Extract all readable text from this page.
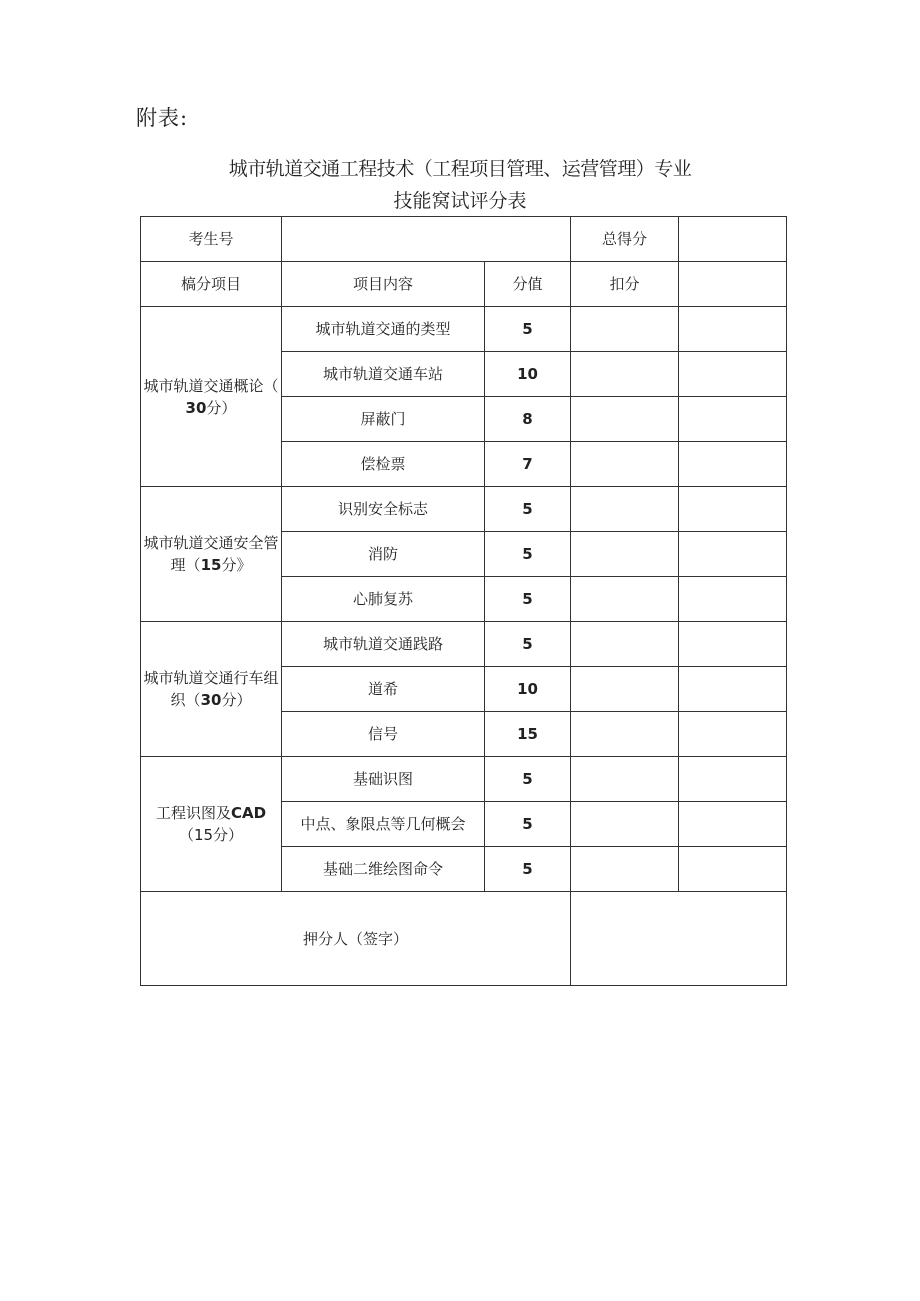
附表:
城市轨道交通工程技术（工程项目管理、运营管理）专业
技能窝试评分表
考生号			总得分	
槁分项目	项目内容	分值	扣分	
城市轨道交通概论（
30分）	城市轨道交通的类型	5		
	城市轨道交通车站	10		
	屏蔽门	8		
	偿检票	7		
城市轨道交通安全管理（15分》	识别安全标志	5		
	消防	5		
	心肺复苏	5		
城市轨道交通行车组织（30分）	城市轨道交通践路	5		
	道希	10		
	信号	15		
工程识图及CAD
（15分）	基础识图	5		
	中点、象限点等几何概会	5		
	基础二维绘图命令	5		
押分人（签字）				
